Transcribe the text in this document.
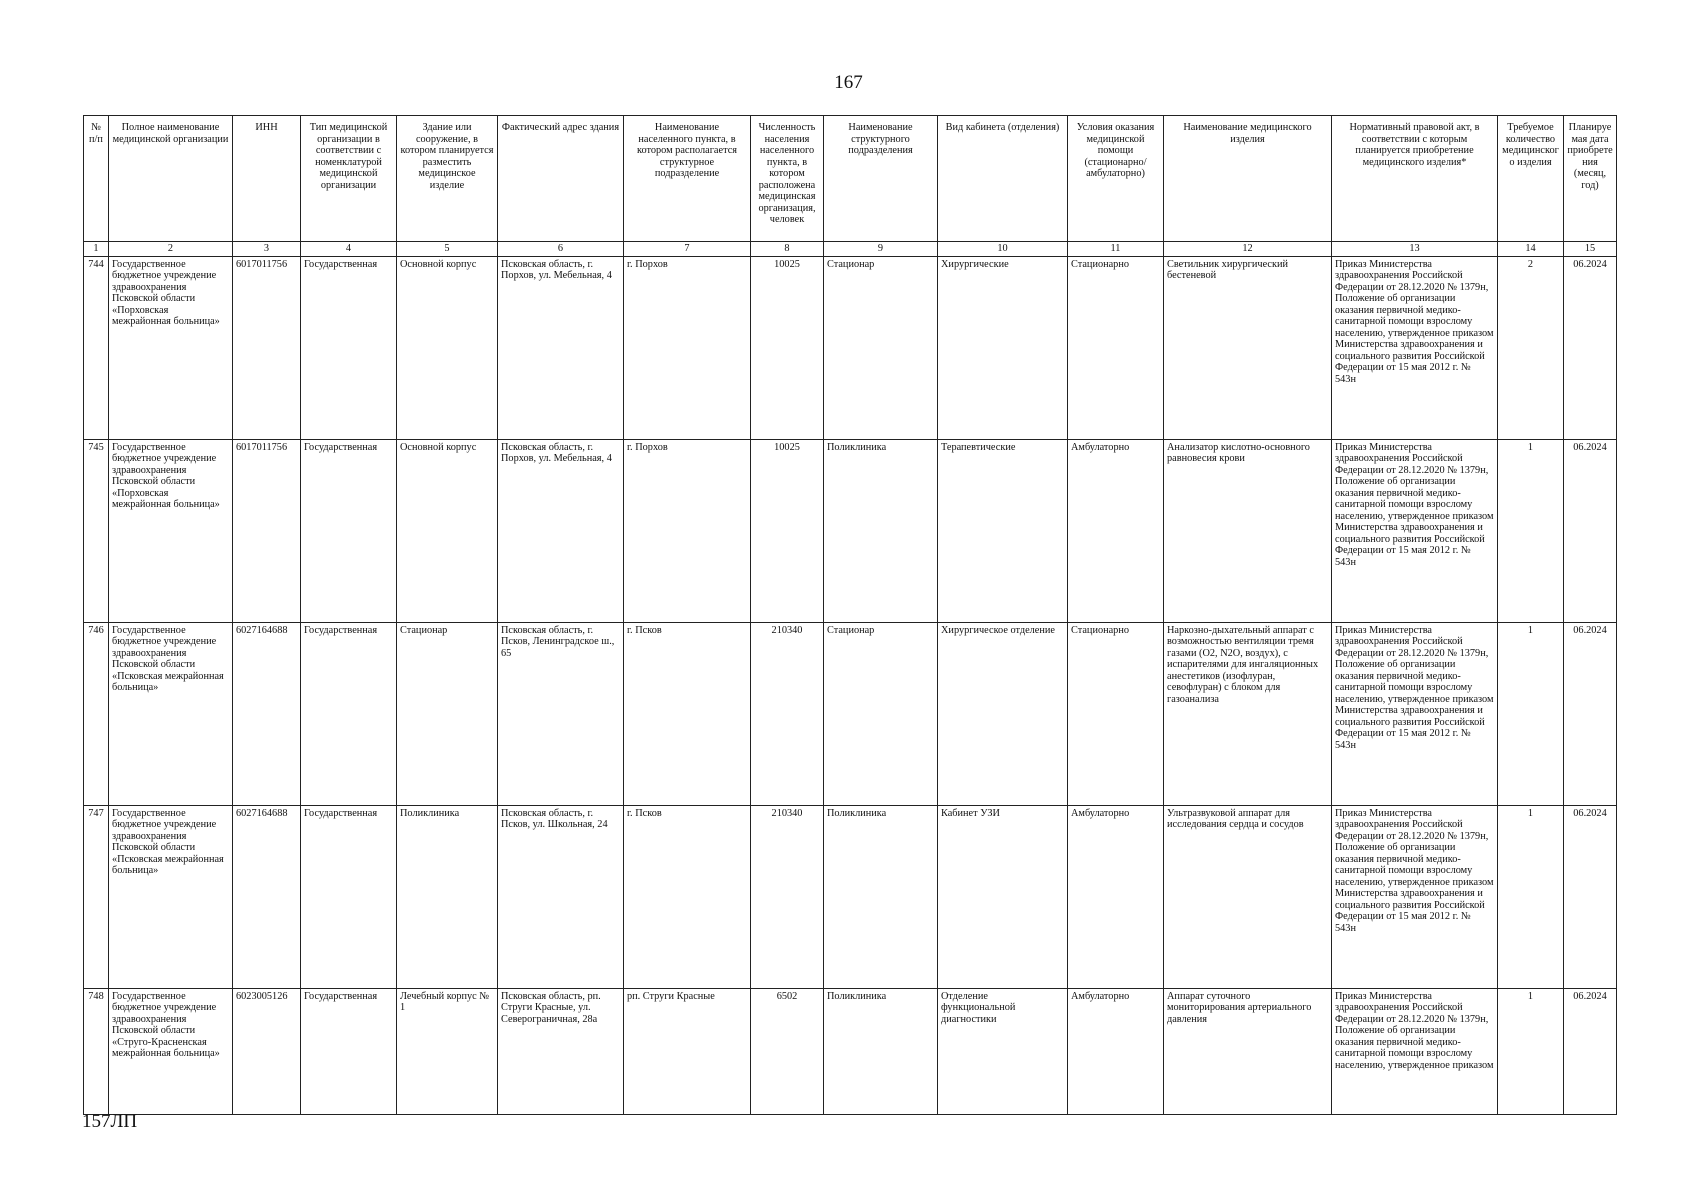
167
№ п/п	Полное наименование медицинской организации	ИНН	Тип медицинской организации в соответствии с номенклатурой медицинской организации	Здание или сооружение, в котором планируется разместить медицинское изделие	Фактический адрес здания	Наименование населенного пункта, в котором располагается структурное подразделение	Численность населения населенного пункта, в котором расположена медицинская организация, человек	Наименование структурного подразделения	Вид кабинета (отделения)	Условия оказания медицинской помощи (стационарно/ амбулаторно)	Наименование медицинского изделия	Нормативный правовой акт, в соответствии с которым планируется приобретение медицинского изделия*	Требуемое количество медицинского изделия	Планируемая дата приобретения (месяц, год)
1	2	3	4	5	6	7	8	9	10	11	12	13	14	15
744	Государственное бюджетное учреждение здравоохранения Псковской области «Порховская межрайонная больница»	6017011756	Государственная	Основной корпус	Псковская область, г. Порхов, ул. Мебельная, 4	г. Порхов	10025	Стационар	Хирургические	Стационарно	Светильник хирургический бестеневой	Приказ Министерства здравоохранения Российской Федерации от 28.12.2020 № 1379н, Положение об организации оказания первичной медико-санитарной помощи взрослому населению, утвержденное приказом Министерства здравоохранения и социального развития Российской Федерации от 15 мая 2012 г. № 543н	2	06.2024
745	Государственное бюджетное учреждение здравоохранения Псковской области «Порховская межрайонная больница»	6017011756	Государственная	Основной корпус	Псковская область, г. Порхов, ул. Мебельная, 4	г. Порхов	10025	Поликлиника	Терапевтические	Амбулаторно	Анализатор кислотно-основного равновесия крови	Приказ Министерства здравоохранения Российской Федерации от 28.12.2020 № 1379н, Положение об организации оказания первичной медико-санитарной помощи взрослому населению, утвержденное приказом Министерства здравоохранения и социального развития Российской Федерации от 15 мая 2012 г. № 543н	1	06.2024
746	Государственное бюджетное учреждение здравоохранения Псковской области «Псковская межрайонная больница»	6027164688	Государственная	Стационар	Псковская область, г. Псков, Ленинградское ш., 65	г. Псков	210340	Стационар	Хирургическое отделение	Стационарно	Наркозно-дыхательный аппарат с возможностью вентиляции тремя газами (O2, N2O, воздух), с испарителями для ингаляционных анестетиков (изофлуран, севофлуран) с блоком для газоанализа	Приказ Министерства здравоохранения Российской Федерации от 28.12.2020 № 1379н, Положение об организации оказания первичной медико-санитарной помощи взрослому населению, утвержденное приказом Министерства здравоохранения и социального развития Российской Федерации от 15 мая 2012 г. № 543н	1	06.2024
747	Государственное бюджетное учреждение здравоохранения Псковской области «Псковская межрайонная больница»	6027164688	Государственная	Поликлиника	Псковская область, г. Псков, ул. Школьная, 24	г. Псков	210340	Поликлиника	Кабинет УЗИ	Амбулаторно	Ультразвуковой аппарат для исследования сердца и сосудов	Приказ Министерства здравоохранения Российской Федерации от 28.12.2020 № 1379н, Положение об организации оказания первичной медико-санитарной помощи взрослому населению, утвержденное приказом Министерства здравоохранения и социального развития Российской Федерации от 15 мая 2012 г. № 543н	1	06.2024
748	Государственное бюджетное учреждение здравоохранения Псковской области «Струго-Красненская межрайонная больница»	6023005126	Государственная	Лечебный корпус № 1	Псковская область, рп. Струги Красные, ул. Северограничная, 28а	рп. Струги Красные	6502	Поликлиника	Отделение функциональной диагностики	Амбулаторно	Аппарат суточного мониторирования артериального давления	Приказ Министерства здравоохранения Российской Федерации от 28.12.2020 № 1379н, Положение об организации оказания первичной медико-санитарной помощи взрослому населению, утвержденное приказом	1	06.2024
157ЛП
